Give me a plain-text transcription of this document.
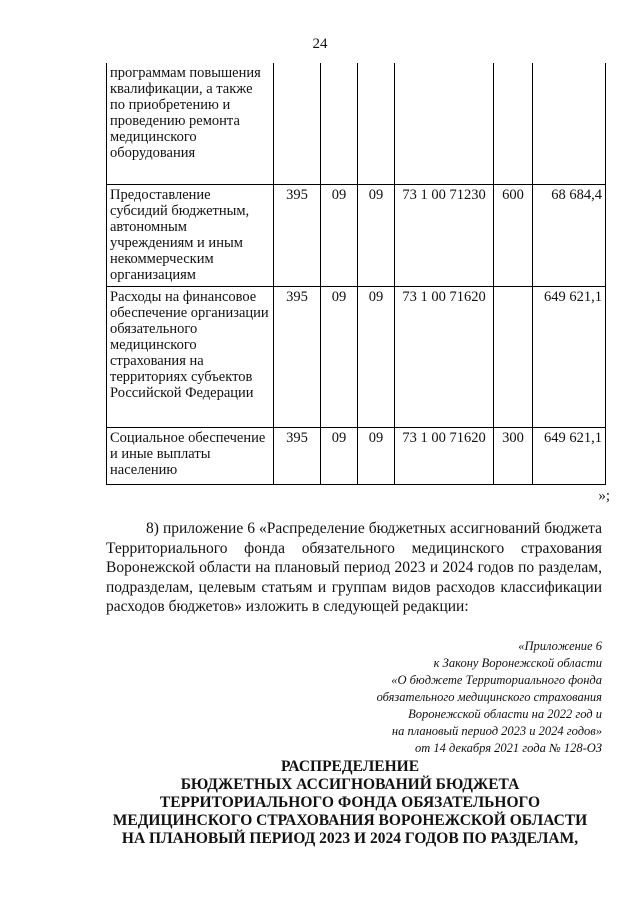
24
программам повышения квалификации, а также по приобретению и проведению ремонта медицинского оборудования						
Предоставление субсидий бюджетным, автономным учреждениям и иным некоммерческим организациям	395	09	09	73 1 00 71230	600	68 684,4
Расходы на финансовое обеспечение организации обязательного медицинского страхования на территориях субъектов Российской Федерации	395	09	09	73 1 00 71620		649 621,1
Социальное обеспечение и иные выплаты населению	395	09	09	73 1 00 71620	300	649 621,1
»;

8) приложение 6 «Распределение бюджетных ассигнований бюджета Территориального фонда обязательного медицинского страхования Воронежской области на плановый период 2023 и 2024 годов по разделам, подразделам, целевым статьям и группам видов расходов классификации расходов бюджетов» изложить в следующей редакции:

«Приложение 6
к Закону Воронежской области
«О бюджете Территориального фонда
обязательного медицинского страхования
Воронежской области на 2022 год и
на плановый период 2023 и 2024 годов»
от 14 декабря 2021 года № 128-ОЗ
РАСПРЕДЕЛЕНИЕ
БЮДЖЕТНЫХ АССИГНОВАНИЙ БЮДЖЕТА
ТЕРРИТОРИАЛЬНОГО ФОНДА ОБЯЗАТЕЛЬНОГО
МЕДИЦИНСКОГО СТРАХОВАНИЯ ВОРОНЕЖСКОЙ ОБЛАСТИ
НА ПЛАНОВЫЙ ПЕРИОД 2023 И 2024 ГОДОВ ПО РАЗДЕЛАМ,
